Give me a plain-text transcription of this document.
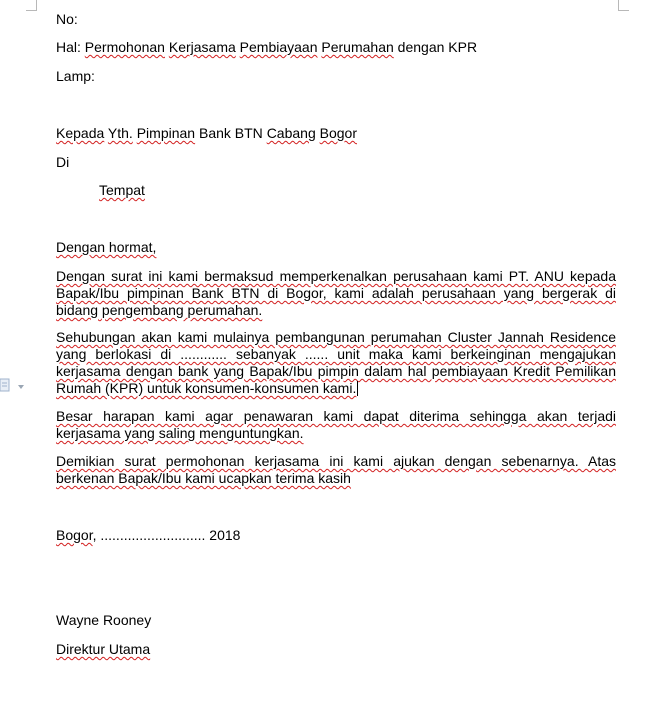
No:
Hal: Permohonan Kerjasama Pembiayaan Perumahan dengan KPR
Lamp:
Kepada Yth. Pimpinan Bank BTN Cabang Bogor
Di
Tempat
Dengan hormat,
Dengan surat ini kami bermaksud memperkenalkan perusahaan kami PT. ANU kepada
Bapak/Ibu pimpinan Bank BTN di Bogor, kami adalah perusahaan yang bergerak di
bidang pengembang perumahan.
Sehubungan akan kami mulainya pembangunan perumahan Cluster Jannah Residence
yang berlokasi di ............ sebanyak ...... unit maka kami berkeinginan mengajukan
kerjasama dengan bank yang Bapak/Ibu pimpin dalam hal pembiayaan Kredit Pemilikan
Rumah (KPR) untuk konsumen-konsumen kami.
Besar harapan kami agar penawaran kami dapat diterima sehingga akan terjadi
kerjasama yang saling menguntungkan.
Demikian surat permohonan kerjasama ini kami ajukan dengan sebenarnya. Atas
berkenan Bapak/Ibu kami ucapkan terima kasih
Bogor, ........................... 2018
Wayne Rooney
Direktur Utama
